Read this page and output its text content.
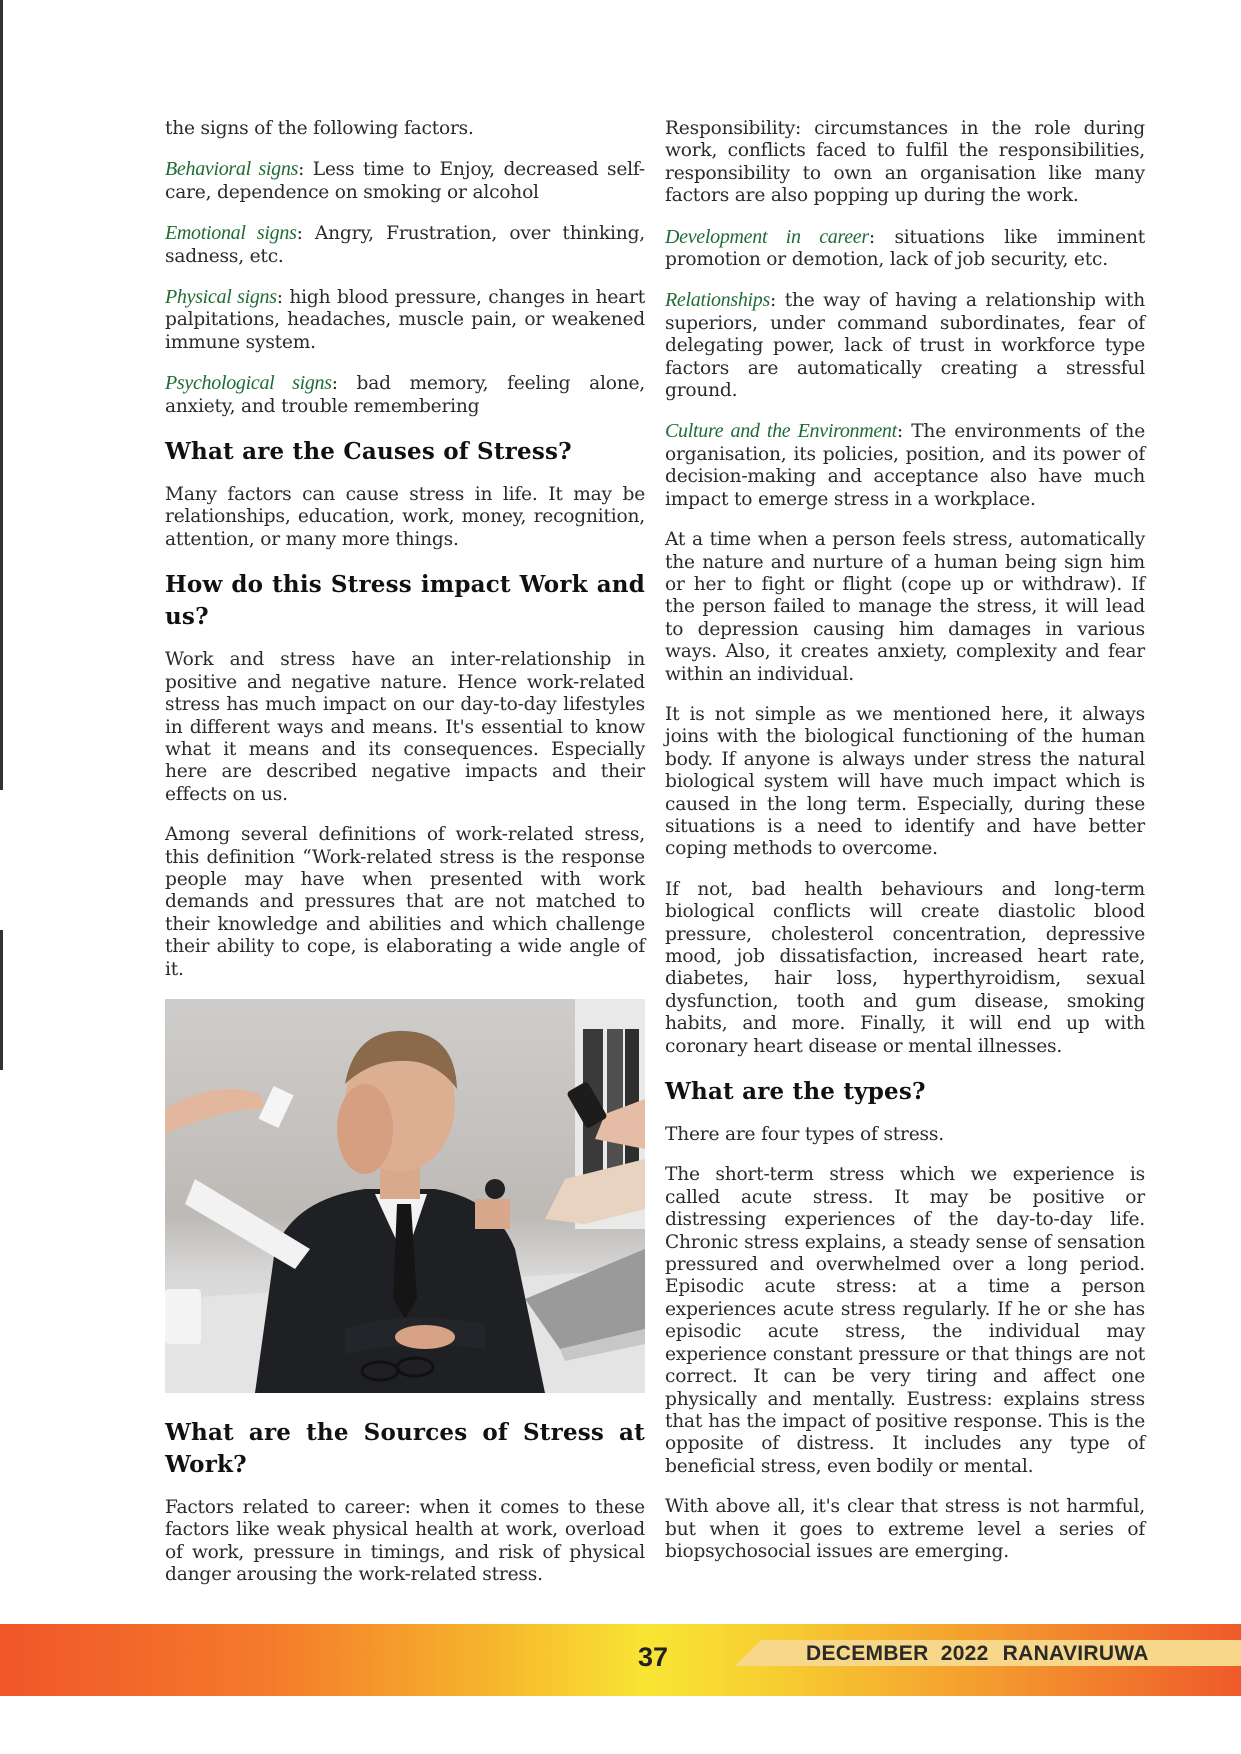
the signs of the following factors.

Behavioral signs: Less time to Enjoy, decreased self-care, dependence on smoking or alcohol

Emotional signs: Angry, Frustration, over thinking, sadness, etc.

Physical signs: high blood pressure, changes in heart palpitations, headaches, muscle pain, or weakened immune system.

Psychological signs: bad memory, feeling alone, anxiety, and trouble remembering

What are the Causes of Stress?

Many factors can cause stress in life. It may be relationships, education, work, money, recognition, attention, or many more things.

How do this Stress impact Work and us?

Work and stress have an inter-relationship in positive and negative nature. Hence work-related stress has much impact on our day-to-day lifestyles in different ways and means. It's essential to know what it means and its consequences. Especially here are described negative impacts and their effects on us.

Among several definitions of work-related stress, this definition “Work-related stress is the response people may have when presented with work demands and pressures that are not matched to their knowledge and abilities and which challenge their ability to cope, is elaborating a wide angle of it.

What are the Sources of Stress at Work?

Factors related to career: when it comes to these factors like weak physical health at work, overload of work, pressure in timings, and risk of physical danger arousing the work-related stress.

Responsibility: circumstances in the role during work, conflicts faced to fulfil the responsibilities, responsibility to own an organisation like many factors are also popping up during the work.

Development in career: situations like imminent promotion or demotion, lack of job security, etc.

Relationships: the way of having a relationship with superiors, under command subordinates, fear of delegating power, lack of trust in workforce type factors are automatically creating a stressful ground.

Culture and the Environment: The environments of the organisation, its policies, position, and its power of decision-making and acceptance also have much impact to emerge stress in a workplace.

At a time when a person feels stress, automatically the nature and nurture of a human being sign him or her to fight or flight (cope up or withdraw). If the person failed to manage the stress, it will lead to depression causing him damages in various ways. Also, it creates anxiety, complexity and fear within an individual.

It is not simple as we mentioned here, it always joins with the biological functioning of the human body. If anyone is always under stress the natural biological system will have much impact which is caused in the long term. Especially, during these situations is a need to identify and have better coping methods to overcome.

If not, bad health behaviours and long-term biological conflicts will create diastolic blood pressure, cholesterol concentration, depressive mood, job dissatisfaction, increased heart rate, diabetes, hair loss, hyperthyroidism, sexual dysfunction, tooth and gum disease, smoking habits, and more. Finally, it will end up with coronary heart disease or mental illnesses.

What are the types?

There are four types of stress.

The short-term stress which we experience is called acute stress. It may be positive or distressing experiences of the day-to-day life. Chronic stress explains, a steady sense of sensation pressured and overwhelmed over a long period. Episodic acute stress: at a time a person experiences acute stress regularly. If he or she has episodic acute stress, the individual may experience constant pressure or that things are not correct. It can be very tiring and affect one physically and mentally. Eustress: explains stress that has the impact of positive response. This is the opposite of distress. It includes any type of beneficial stress, even bodily or mental.

With above all, it's clear that stress is not harmful, but when it goes to extreme level a series of biopsychosocial issues are emerging.

37	DECEMBER 2022 RANAVIRUWA
